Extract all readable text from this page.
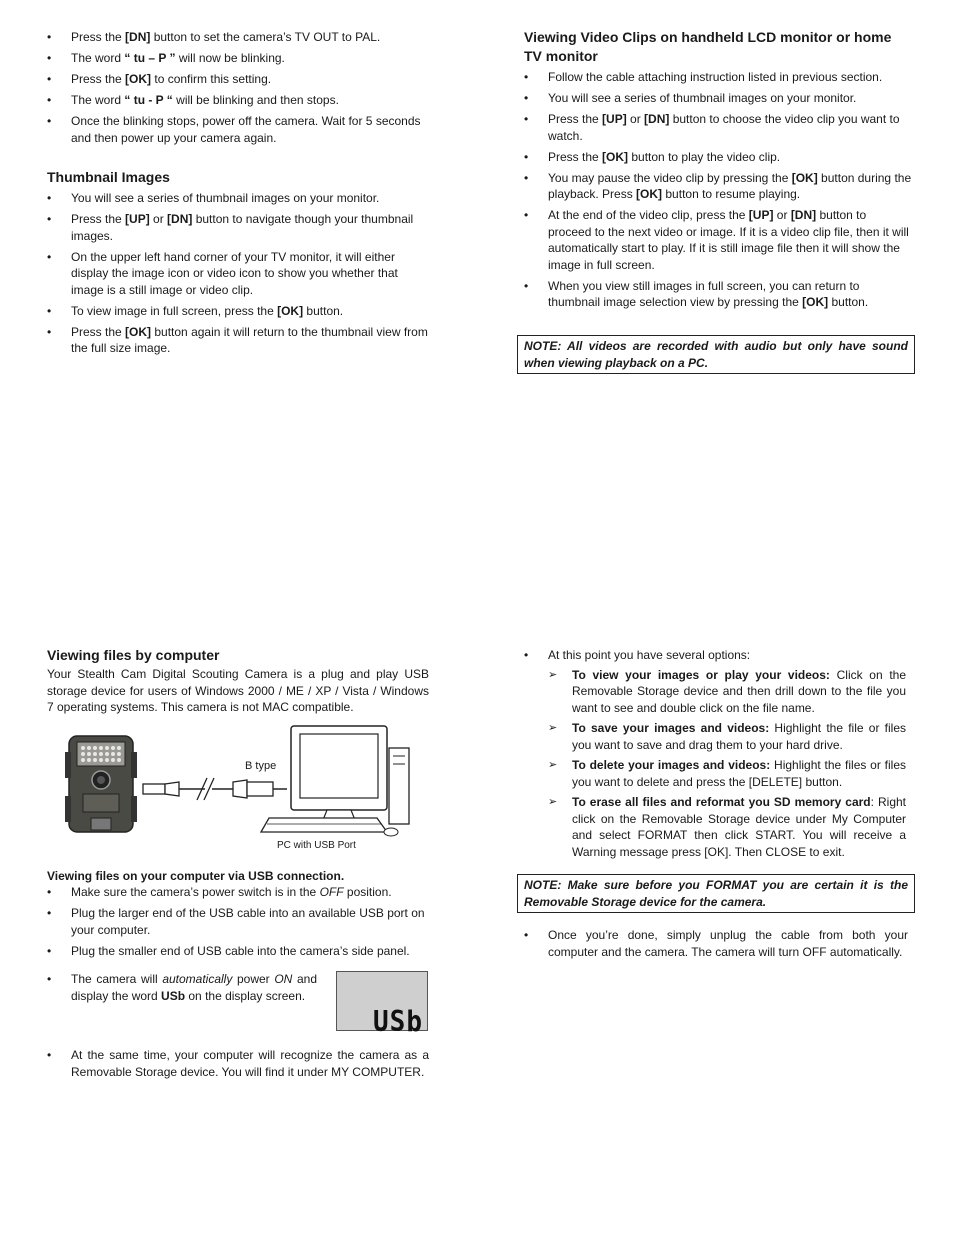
• Press the [DN] button to set the camera’s TV OUT to PAL.
• The word “ tu – P ” will now be blinking.
• Press the [OK] to confirm this setting.
• The word “ tu - P “ will be blinking and then stops.
• Once the blinking stops, power off the camera. Wait for 5 seconds and then power up your camera again.
Thumbnail Images
• You will see a series of thumbnail images on your monitor.
• Press the [UP] or [DN] button to navigate though your thumbnail images.
• On the upper left hand corner of your TV monitor, it will either display the image icon or video icon to show you whether that image is a still image or video clip.
• To view image in full screen, press the [OK] button.
• Press the [OK] button again it will return to the thumbnail view from the full size image.
Viewing Video Clips on handheld LCD monitor or home TV monitor
• Follow the cable attaching instruction listed in previous section.
• You will see a series of thumbnail images on your monitor.
• Press the [UP] or [DN] button to choose the video clip you want to watch.
• Press the [OK] button to play the video clip.
• You may pause the video clip by pressing the [OK] button during the playback. Press [OK] button to resume playing.
• At the end of the video clip, press the [UP] or [DN] button to proceed to the next video or image. If it is a video clip file, then it will automatically start to play. If it is still image file then it will show the image in full screen.
• When you view still images in full screen, you can return to thumbnail image selection view by pressing the [OK] button.
NOTE: All videos are recorded with audio but only have sound when viewing playback on a PC.
Viewing files by computer
Your Stealth Cam Digital Scouting Camera is a plug and play USB storage device for users of Windows 2000 / ME / XP / Vista / Windows 7 operating systems. This camera is not MAC compatible.
B type
PC with USB Port
Viewing files on your computer via USB connection.
• Make sure the camera’s power switch is in the OFF position.
• Plug the larger end of the USB cable into an available USB port on your computer.
• Plug the smaller end of USB cable into the camera’s side panel.
• The camera will automatically power ON and display the word USb on the display screen.
USb
• At the same time, your computer will recognize the camera as a Removable Storage device. You will find it under MY COMPUTER.
• At this point you have several options:
➢ To view your images or play your videos: Click on the Removable Storage device and then drill down to the file you want to see and double click on the file name.
➢ To save your images and videos: Highlight the file or files you want to save and drag them to your hard drive.
➢ To delete your images and videos: Highlight the files or files you want to delete and press the [DELETE] button.
➢ To erase all files and reformat you SD memory card: Right click on the Removable Storage device under My Computer and select FORMAT then click START. You will receive a Warning message press [OK]. Then CLOSE to exit.
NOTE: Make sure before you FORMAT you are certain it is the Removable Storage device for the camera.
• Once you’re done, simply unplug the cable from both your computer and the camera. The camera will turn OFF automatically.
